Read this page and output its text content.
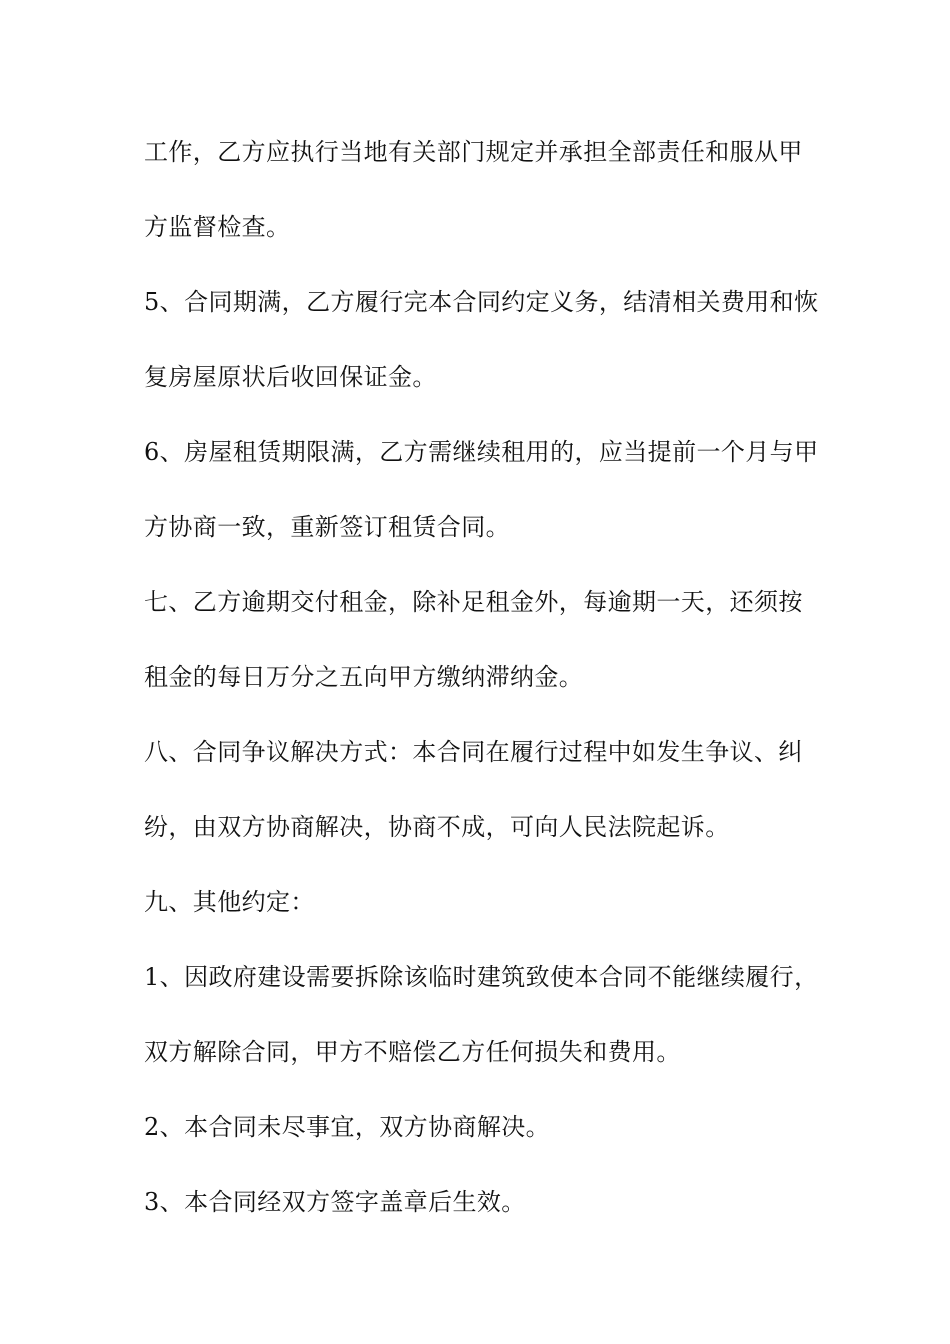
工作，乙方应执行当地有关部门规定并承担全部责任和服从甲
方监督检查。
5、合同期满，乙方履行完本合同约定义务，结清相关费用和恢
复房屋原状后收回保证金。
6、房屋租赁期限满，乙方需继续租用的，应当提前一个月与甲
方协商一致，重新签订租赁合同。
七、乙方逾期交付租金，除补足租金外，每逾期一天，还须按
租金的每日万分之五向甲方缴纳滞纳金。
八、合同争议解决方式：本合同在履行过程中如发生争议、纠
纷，由双方协商解决，协商不成，可向人民法院起诉。
九、其他约定：
1、因政府建设需要拆除该临时建筑致使本合同不能继续履行，
双方解除合同，甲方不赔偿乙方任何损失和费用。
2、本合同未尽事宜，双方协商解决。
3、本合同经双方签字盖章后生效。
